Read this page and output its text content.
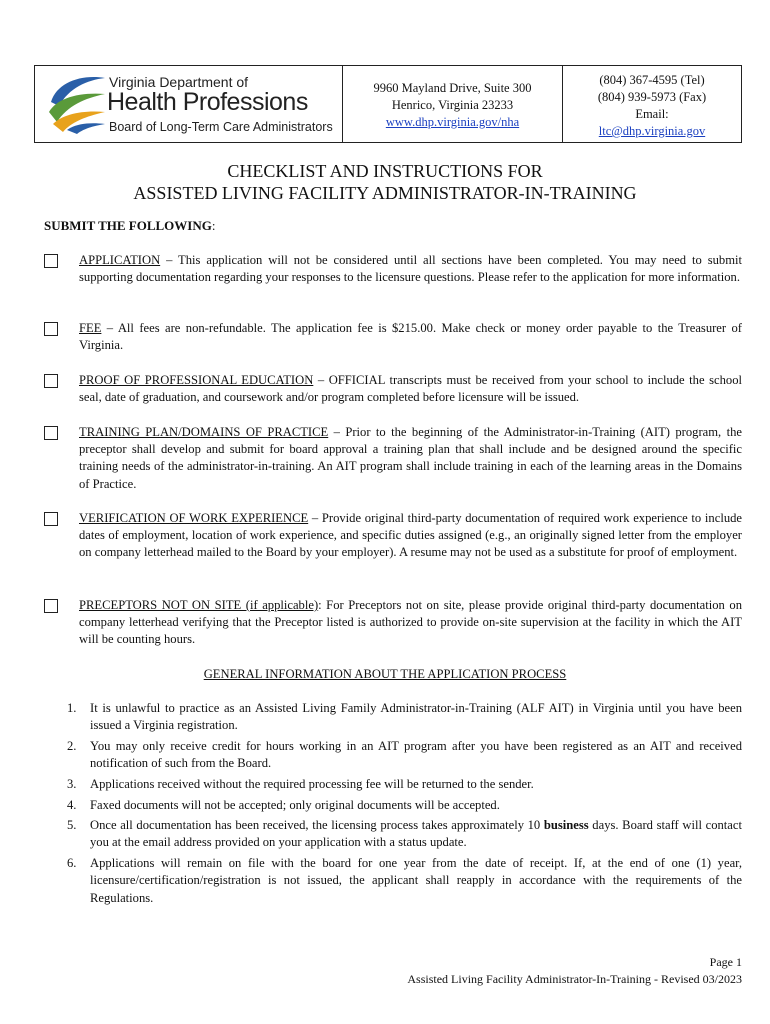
Virginia Department of
Health Professions
Board of Long-Term Care Administrators
9960 Mayland Drive, Suite 300
Henrico, Virginia 23233
www.dhp.virginia.gov/nha
(804) 367-4595 (Tel)
(804) 939-5973 (Fax)
Email:
ltc@dhp.virginia.gov
CHECKLIST AND INSTRUCTIONS FOR
ASSISTED LIVING FACILITY ADMINISTRATOR-IN-TRAINING
SUBMIT THE FOLLOWING:
APPLICATION – This application will not be considered until all sections have been completed. You may need to submit supporting documentation regarding your responses to the licensure questions. Please refer to the application for more information.
FEE – All fees are non-refundable. The application fee is $215.00. Make check or money order payable to the Treasurer of Virginia.
PROOF OF PROFESSIONAL EDUCATION – OFFICIAL transcripts must be received from your school to include the school seal, date of graduation, and coursework and/or program completed before licensure will be issued.
TRAINING PLAN/DOMAINS OF PRACTICE – Prior to the beginning of the Administrator-in-Training (AIT) program, the preceptor shall develop and submit for board approval a training plan that shall include and be designed around the specific training needs of the administrator-in-training. An AIT program shall include training in each of the learning areas in the Domains of Practice.
VERIFICATION OF WORK EXPERIENCE – Provide original third-party documentation of required work experience to include dates of employment, location of work experience, and specific duties assigned (e.g., an originally signed letter from the employer on company letterhead mailed to the Board by your employer). A resume may not be used as a substitute for proof of employment.
PRECEPTORS NOT ON SITE (if applicable): For Preceptors not on site, please provide original third-party documentation on company letterhead verifying that the Preceptor listed is authorized to provide on-site supervision at the facility in which the AIT will be counting hours.
GENERAL INFORMATION ABOUT THE APPLICATION PROCESS
1. It is unlawful to practice as an Assisted Living Family Administrator-in-Training (ALF AIT) in Virginia until you have been issued a Virginia registration.
2. You may only receive credit for hours working in an AIT program after you have been registered as an AIT and received notification of such from the Board.
3. Applications received without the required processing fee will be returned to the sender.
4. Faxed documents will not be accepted; only original documents will be accepted.
5. Once all documentation has been received, the licensing process takes approximately 10 business days. Board staff will contact you at the email address provided on your application with a status update.
6. Applications will remain on file with the board for one year from the date of receipt. If, at the end of one (1) year, licensure/certification/registration is not issued, the applicant shall reapply in accordance with the requirements of the Regulations.
Page 1
Assisted Living Facility Administrator-In-Training - Revised 03/2023
